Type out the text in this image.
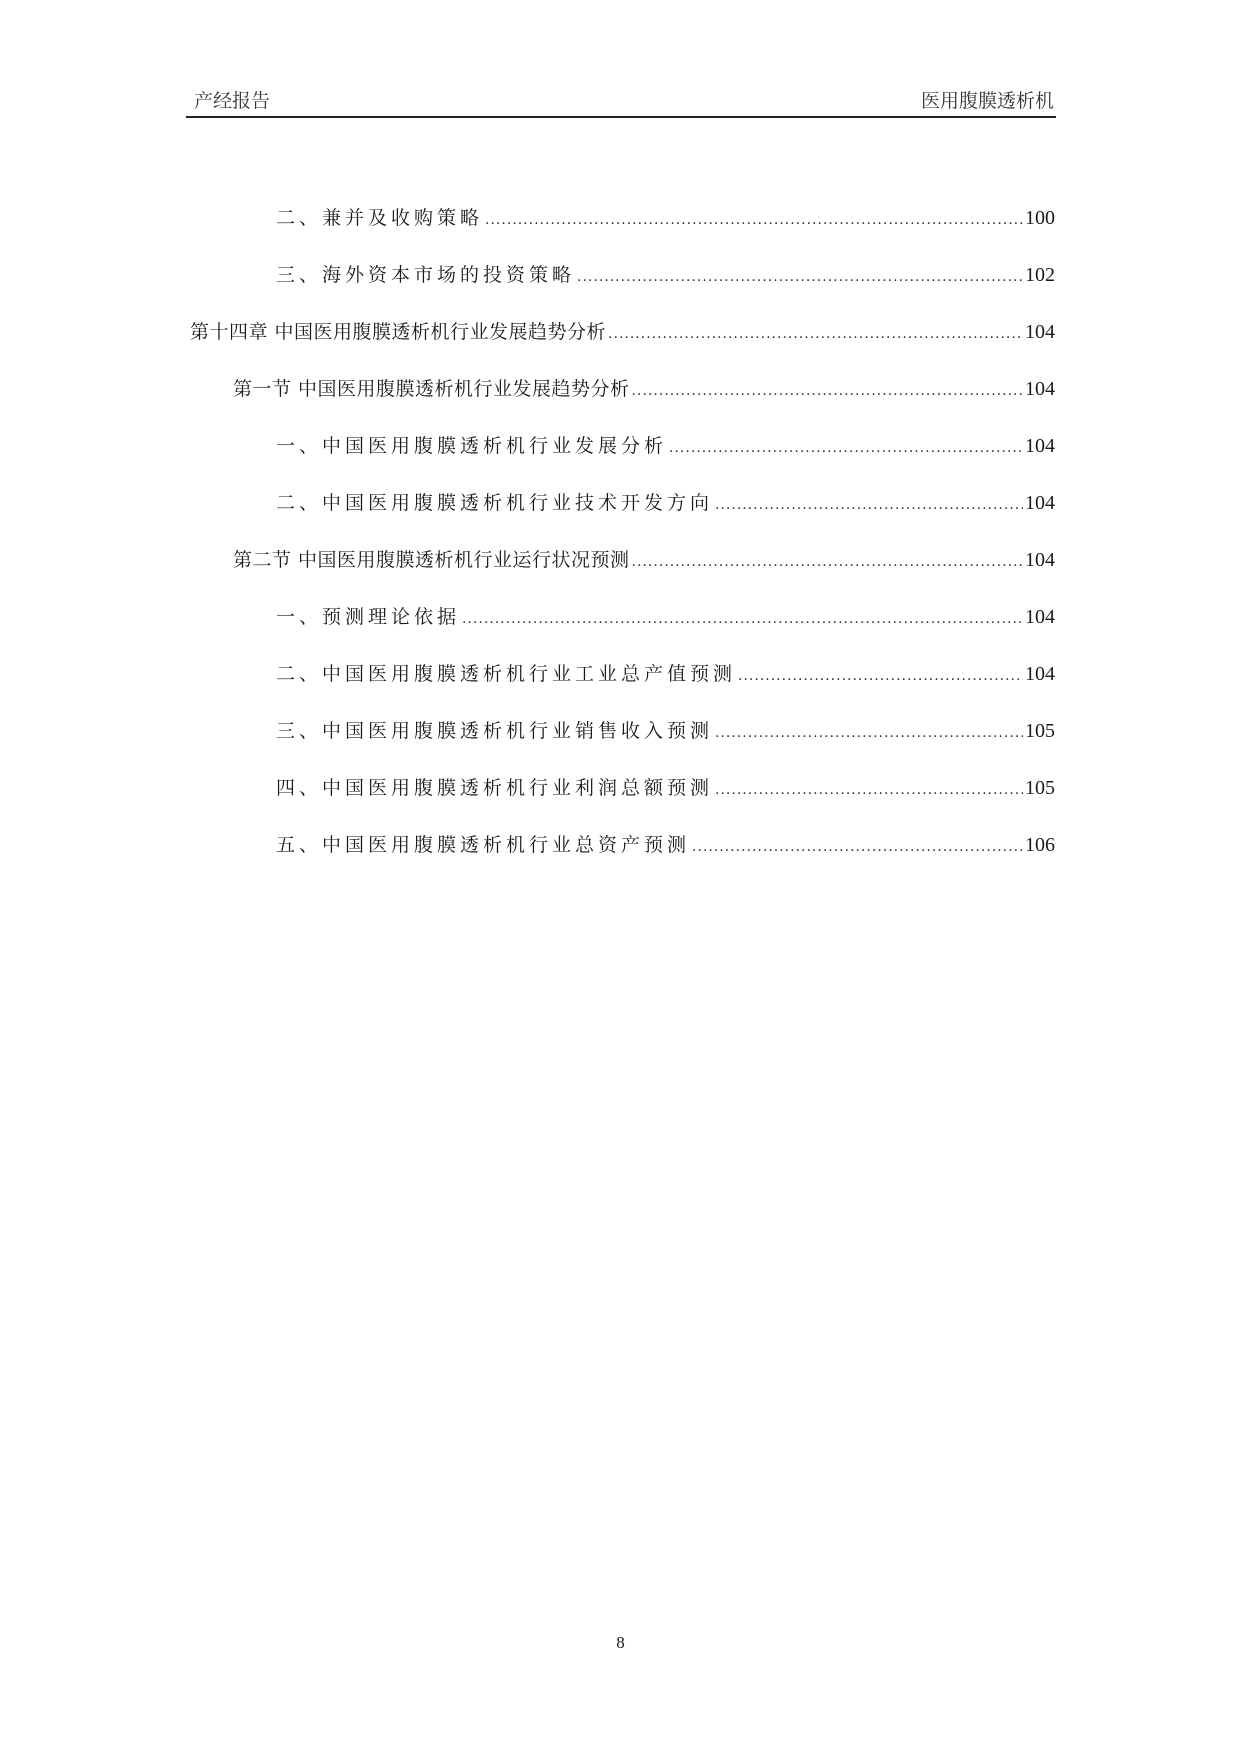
产经报告	医用腹膜透析机
二、兼并及收购策略 .....	100
三、海外资本市场的投资策略 .....	102
第十四章 中国医用腹膜透析机行业发展趋势分析 .....	104
第一节 中国医用腹膜透析机行业发展趋势分析 .....	104
一、中国医用腹膜透析机行业发展分析 .....	104
二、中国医用腹膜透析机行业技术开发方向 .....	104
第二节 中国医用腹膜透析机行业运行状况预测 .....	104
一、预测理论依据 .....	104
二、中国医用腹膜透析机行业工业总产值预测 .....	104
三、中国医用腹膜透析机行业销售收入预测 .....	105
四、中国医用腹膜透析机行业利润总额预测 .....	105
五、中国医用腹膜透析机行业总资产预测 .....	106
8
